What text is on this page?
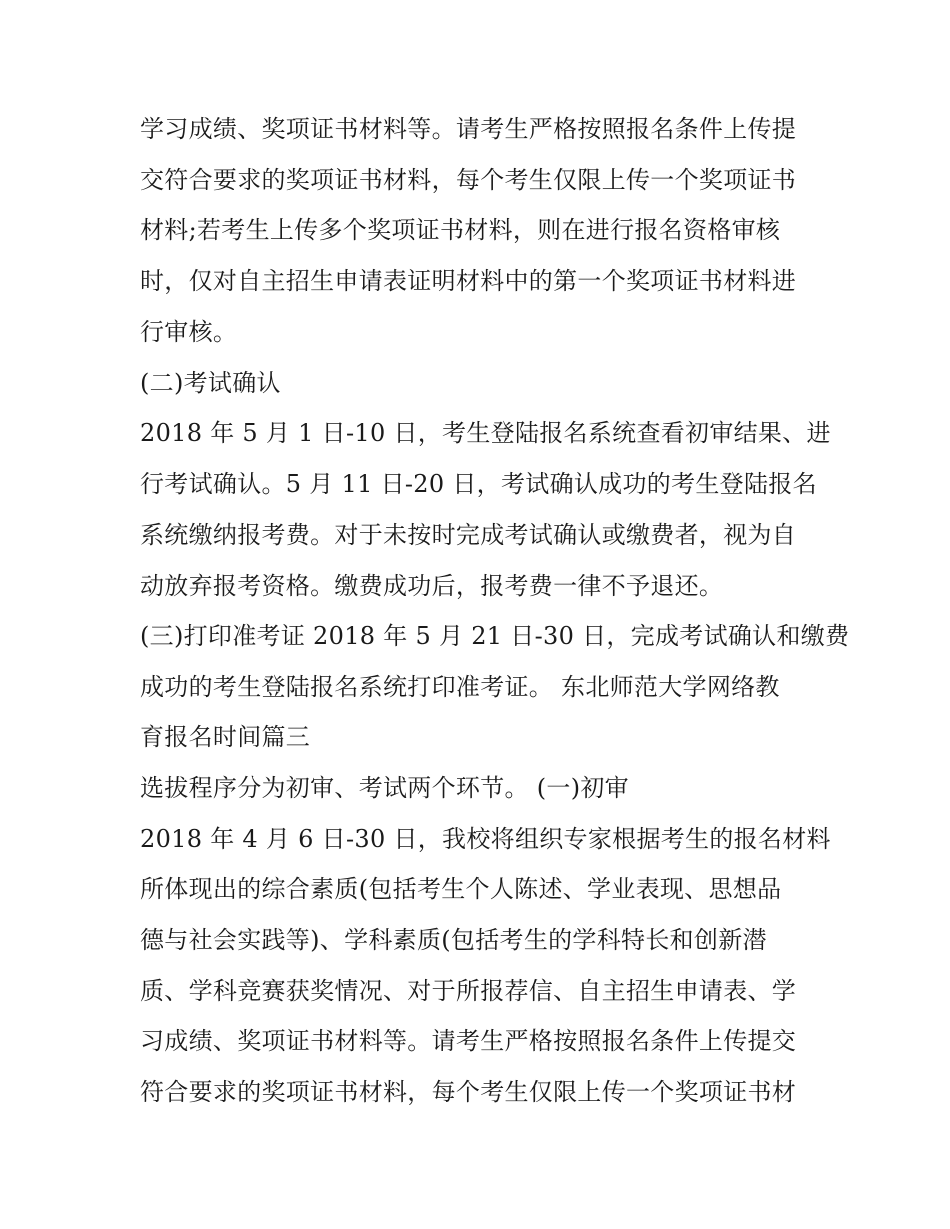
学习成绩、奖项证书材料等。请考生严格按照报名条件上传提

交符合要求的奖项证书材料，每个考生仅限上传一个奖项证书

材料;若考生上传多个奖项证书材料，则在进行报名资格审核

时，仅对自主招生申请表证明材料中的第一个奖项证书材料进

行审核。

(二)考试确认

2018 年 5 月 1 日-10 日，考生登陆报名系统查看初审结果、进

行考试确认。5 月 11 日-20 日，考试确认成功的考生登陆报名

系统缴纳报考费。对于未按时完成考试确认或缴费者，视为自

动放弃报考资格。缴费成功后，报考费一律不予退还。

(三)打印准考证 2018 年 5 月 21 日-30 日，完成考试确认和缴费

成功的考生登陆报名系统打印准考证。 东北师范大学网络教

育报名时间篇三

选拔程序分为初审、考试两个环节。 (一)初审

2018 年 4 月 6 日-30 日，我校将组织专家根据考生的报名材料

所体现出的综合素质(包括考生个人陈述、学业表现、思想品

德与社会实践等)、学科素质(包括考生的学科特长和创新潜

质、学科竞赛获奖情况、对于所报荐信、自主招生申请表、学

习成绩、奖项证书材料等。请考生严格按照报名条件上传提交

符合要求的奖项证书材料，每个考生仅限上传一个奖项证书材
